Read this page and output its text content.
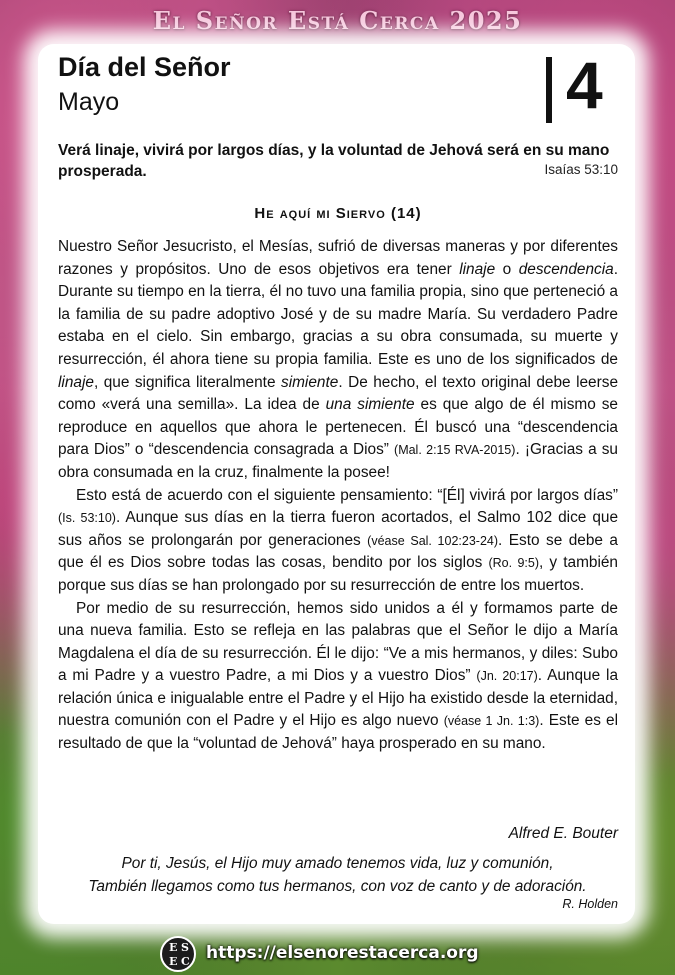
El Señor Está Cerca 2025
Día del Señor
Mayo	4
Verá linaje, vivirá por largos días, y la voluntad de Jehová será en su mano prosperada.	Isaías 53:10
He aquí mi Siervo (14)

Nuestro Señor Jesucristo, el Mesías, sufrió de diversas maneras y por diferentes razones y propósitos. Uno de esos objetivos era tener linaje o descendencia. Durante su tiempo en la tierra, él no tuvo una familia propia, sino que perteneció a la familia de su padre adoptivo José y de su madre María. Su verdadero Padre estaba en el cielo. Sin embargo, gracias a su obra consumada, su muerte y resurrección, él ahora tiene su propia familia. Este es uno de los significados de linaje, que significa literalmente simiente. De hecho, el texto original debe leerse como «verá una semilla». La idea de una simiente es que algo de él mismo se reproduce en aquellos que ahora le pertenecen. Él buscó una “descendencia para Dios” o “descendencia consagrada a Dios” (Mal. 2:15 RVA-2015). ¡Gracias a su obra consumada en la cruz, finalmente la posee!

Esto está de acuerdo con el siguiente pensamiento: “[Él] vivirá por largos días” (Is. 53:10). Aunque sus días en la tierra fueron acortados, el Salmo 102 dice que sus años se prolongarán por generaciones (véase Sal. 102:23-24). Esto se debe a que él es Dios sobre todas las cosas, bendito por los siglos (Ro. 9:5), y también porque sus días se han prolongado por su resurrección de entre los muertos.

Por medio de su resurrección, hemos sido unidos a él y formamos parte de una nueva familia. Esto se refleja en las palabras que el Señor le dijo a María Magdalena el día de su resurrección. Él le dijo: “Ve a mis hermanos, y diles: Subo a mi Padre y a vuestro Padre, a mi Dios y a vuestro Dios” (Jn. 20:17). Aunque la relación única e inigualable entre el Padre y el Hijo ha existido desde la eternidad, nuestra comunión con el Padre y el Hijo es algo nuevo (véase 1 Jn. 1:3). Este es el resultado de que la “voluntad de Jehová” haya prosperado en su mano.

Alfred E. Bouter
Por ti, Jesús, el Hijo muy amado tenemos vida, luz y comunión,
También llegamos como tus hermanos, con voz de canto y de adoración.
R. Holden
E S
E C https://elsenorestacerca.org
